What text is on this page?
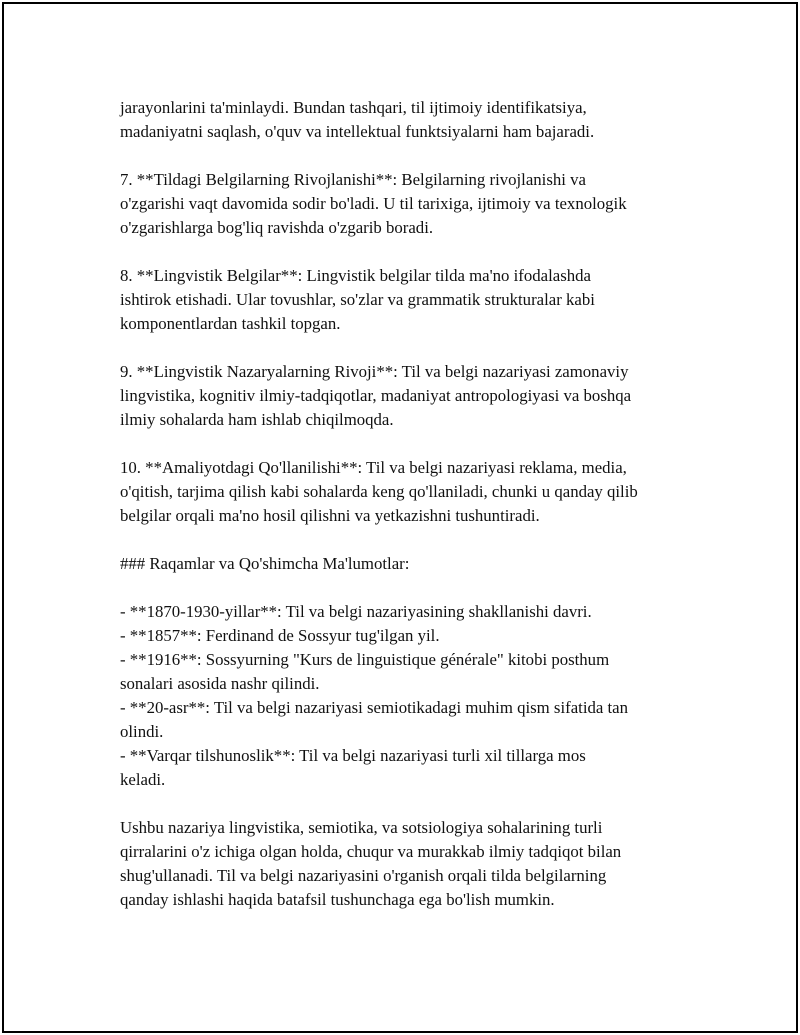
jarayonlarini ta'minlaydi. Bundan tashqari, til ijtimoiy identifikatsiya,
madaniyatni saqlash, o'quv va intellektual funktsiyalarni ham bajaradi.

7. **Tildagi Belgilarning Rivojlanishi**: Belgilarning rivojlanishi va
o'zgarishi vaqt davomida sodir bo'ladi. U til tarixiga, ijtimoiy va texnologik
o'zgarishlarga bog'liq ravishda o'zgarib boradi.

8. **Lingvistik Belgilar**: Lingvistik belgilar tilda ma'no ifodalashda
ishtirok etishadi. Ular tovushlar, so'zlar va grammatik strukturalar kabi
komponentlardan tashkil topgan.

9. **Lingvistik Nazaryalarning Rivoji**: Til va belgi nazariyasi zamonaviy
lingvistika, kognitiv ilmiy-tadqiqotlar, madaniyat antropologiyasi va boshqa
ilmiy sohalarda ham ishlab chiqilmoqda.

10. **Amaliyotdagi Qo'llanilishi**: Til va belgi nazariyasi reklama, media,
o'qitish, tarjima qilish kabi sohalarda keng qo'llaniladi, chunki u qanday qilib
belgilar orqali ma'no hosil qilishni va yetkazishni tushuntiradi.

### Raqamlar va Qo'shimcha Ma'lumotlar:

- **1870-1930-yillar**: Til va belgi nazariyasining shakllanishi davri.
- **1857**: Ferdinand de Sossyur tug'ilgan yil.
- **1916**: Sossyurning "Kurs de linguistique générale" kitobi posthum
sonalari asosida nashr qilindi.
- **20-asr**: Til va belgi nazariyasi semiotikadagi muhim qism sifatida tan
olindi.
- **Varqar tilshunoslik**: Til va belgi nazariyasi turli xil tillarga mos
keladi.

Ushbu nazariya lingvistika, semiotika, va sotsiologiya sohalarining turli
qirralarini o'z ichiga olgan holda, chuqur va murakkab ilmiy tadqiqot bilan
shug'ullanadi. Til va belgi nazariyasini o'rganish orqali tilda belgilarning
qanday ishlashi haqida batafsil tushunchaga ega bo'lish mumkin.
